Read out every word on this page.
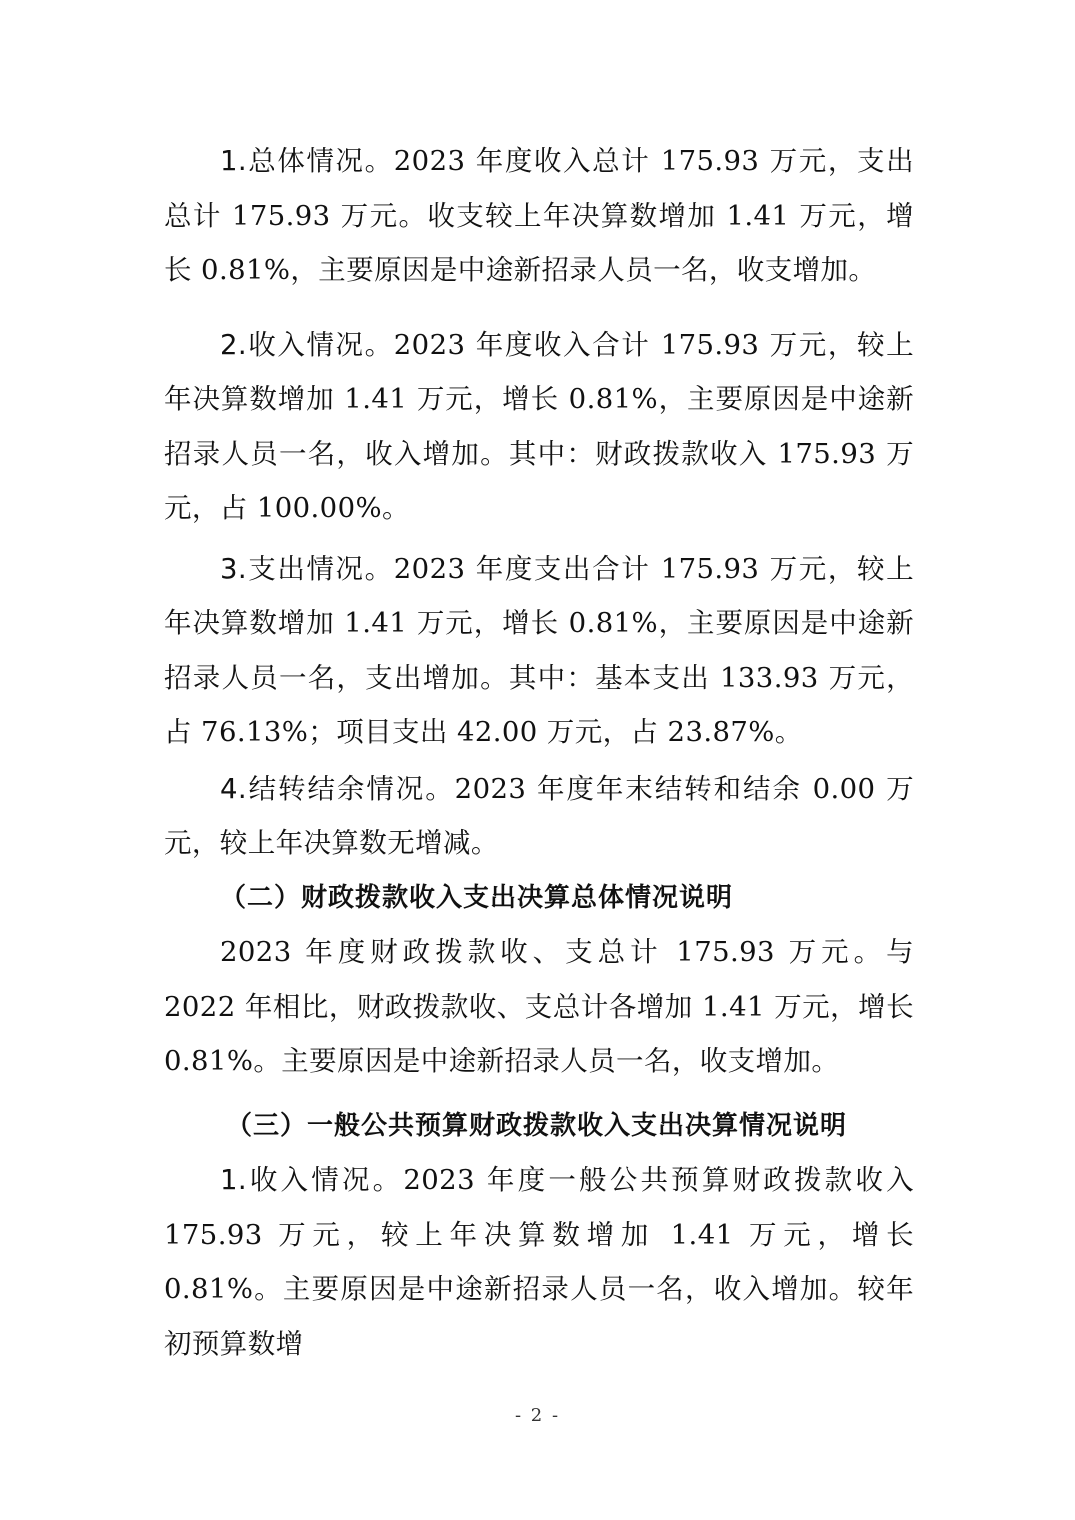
1.总体情况。2023 年度收入总计 175.93 万元，支出总计 175.93 万元。收支较上年决算数增加 1.41 万元，增长 0.81%，主要原因是中途新招录人员一名，收支增加。

2.收入情况。2023 年度收入合计 175.93 万元，较上年决算数增加 1.41 万元，增长 0.81%，主要原因是中途新招录人员一名，收入增加。其中：财政拨款收入 175.93 万元，占 100.00%。

3.支出情况。2023 年度支出合计 175.93 万元，较上年决算数增加 1.41 万元，增长 0.81%，主要原因是中途新招录人员一名，支出增加。其中：基本支出 133.93 万元，占 76.13%；项目支出 42.00 万元，占 23.87%。

4.结转结余情况。2023 年度年末结转和结余 0.00 万元，较上年决算数无增减。

（二）财政拨款收入支出决算总体情况说明

2023 年度财政拨款收、支总计 175.93 万元。与 2022 年相比，财政拨款收、支总计各增加 1.41 万元，增长 0.81%。主要原因是中途新招录人员一名，收支增加。

（三）一般公共预算财政拨款收入支出决算情况说明

1.收入情况。2023 年度一般公共预算财政拨款收入 175.93 万元，较上年决算数增加 1.41 万元，增长 0.81%。主要原因是中途新招录人员一名，收入增加。较年初预算数增

- 2 -
